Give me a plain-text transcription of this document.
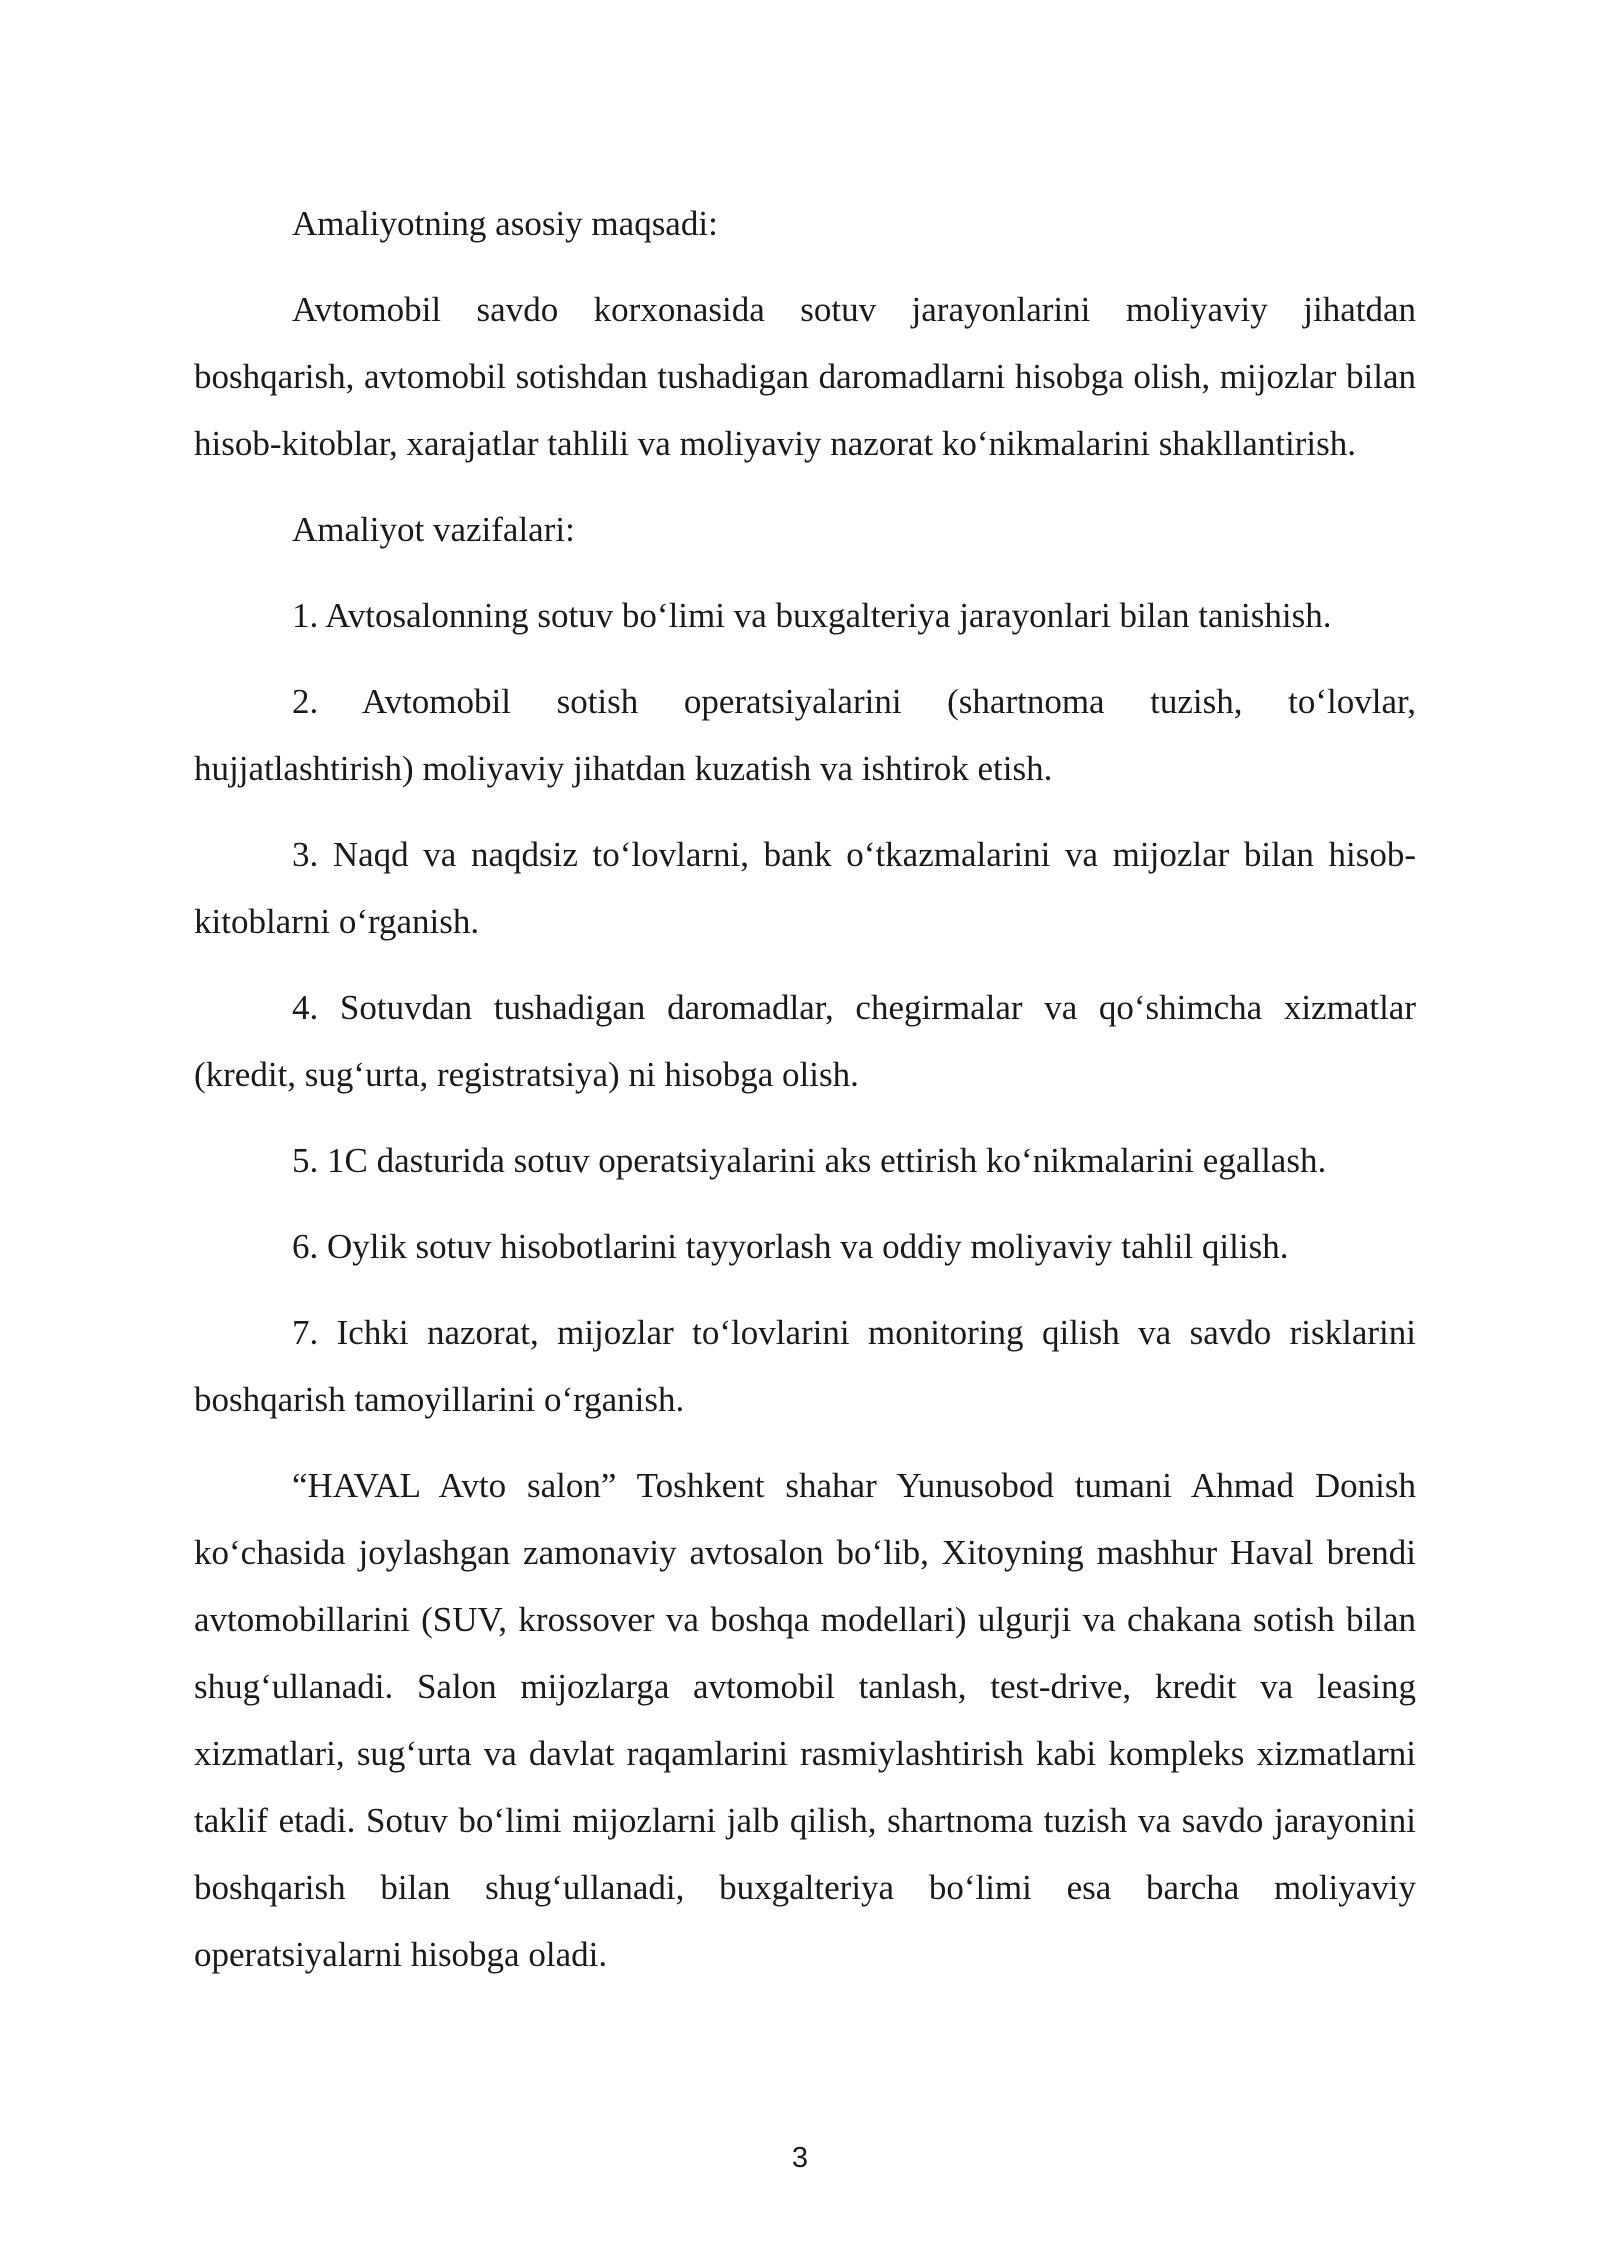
Amaliyotning asosiy maqsadi:

Avtomobil savdo korxonasida sotuv jarayonlarini moliyaviy jihatdan boshqarish, avtomobil sotishdan tushadigan daromadlarni hisobga olish, mijozlar bilan hisob-kitoblar, xarajatlar tahlili va moliyaviy nazorat ko‘nikmalarini shakllantirish.

Amaliyot vazifalari:

1. Avtosalonning sotuv bo‘limi va buxgalteriya jarayonlari bilan tanishish.

2. Avtomobil sotish operatsiyalarini (shartnoma tuzish, to‘lovlar, hujjatlashtirish) moliyaviy jihatdan kuzatish va ishtirok etish.

3. Naqd va naqdsiz to‘lovlarni, bank o‘tkazmalarini va mijozlar bilan hisob-kitoblarni o‘rganish.

4. Sotuvdan tushadigan daromadlar, chegirmalar va qo‘shimcha xizmatlar (kredit, sug‘urta, registratsiya) ni hisobga olish.

5. 1C dasturida sotuv operatsiyalarini aks ettirish ko‘nikmalarini egallash.

6. Oylik sotuv hisobotlarini tayyorlash va oddiy moliyaviy tahlil qilish.

7. Ichki nazorat, mijozlar to‘lovlarini monitoring qilish va savdo risklarini boshqarish tamoyillarini o‘rganish.

“HAVAL Avto salon” Toshkent shahar Yunusobod tumani Ahmad Donish ko‘chasida joylashgan zamonaviy avtosalon bo‘lib, Xitoyning mashhur Haval brendi avtomobillarini (SUV, krossover va boshqa modellari) ulgurji va chakana sotish bilan shug‘ullanadi. Salon mijozlarga avtomobil tanlash, test-drive, kredit va leasing xizmatlari, sug‘urta va davlat raqamlarini rasmiylashtirish kabi kompleks xizmatlarni taklif etadi. Sotuv bo‘limi mijozlarni jalb qilish, shartnoma tuzish va savdo jarayonini boshqarish bilan shug‘ullanadi, buxgalteriya bo‘limi esa barcha moliyaviy operatsiyalarni hisobga oladi.

3
